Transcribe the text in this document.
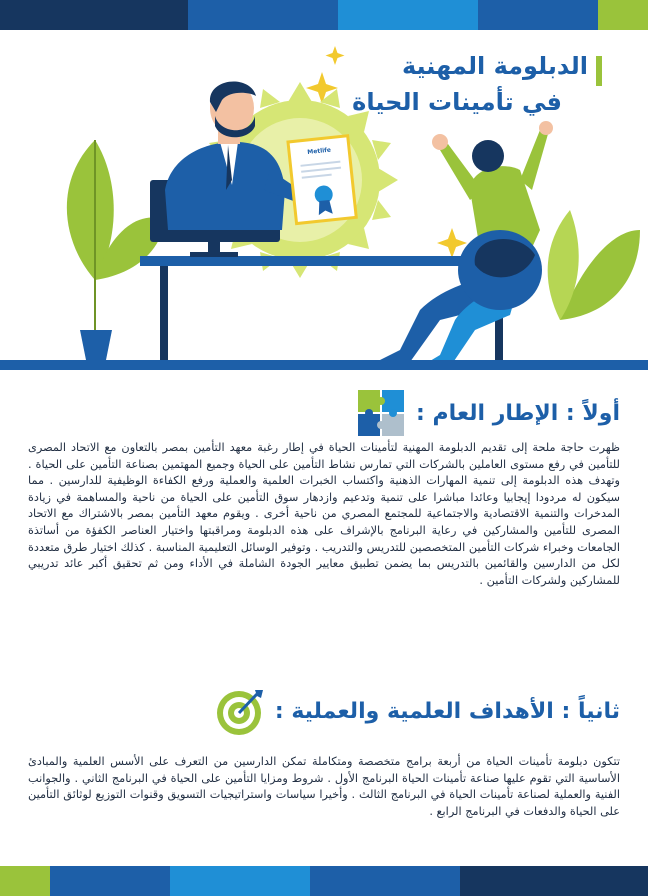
Metlife
الدبلومة المهنية
في تأمينات الحياة
أولاً : الإطار العام :

ظهرت حاجة ملحة إلى تقديم الدبلومة المهنية لتأمينات الحياة في إطار رغبة معهد التأمين بمصر بالتعاون مع الاتحاد المصرى للتأمين في رفع مستوى العاملين بالشركات التي تمارس نشاط التأمين على الحياة وجميع المهتمين بصناعة التأمين على الحياة . وتهدف هذه الدبلومة إلى تنمية المهارات الذهنية واكتساب الخبرات العلمية والعملية ورفع الكفاءة الوظيفية للدارسين . مما سيكون له مردودا إيجابيا وعائدا مباشرا على تنمية وتدعيم وازدهار سوق التأمين على الحياة من ناحية والمساهمة في زيادة المدخرات والتنمية الاقتصادية والاجتماعية للمجتمع المصري من ناحية أخرى . ويقوم معهد التأمين بمصر بالاشتراك مع الاتحاد المصرى للتأمين والمشاركين في رعاية البرنامج بالإشراف على هذه الدبلومة ومراقبتها واختيار العناصر الكفؤة من أساتذة الجامعات وخبراء شركات التأمين المتخصصين للتدريس والتدريب . وتوفير الوسائل التعليمية المناسبة . كذلك اختيار طرق متعددة لكل من الدارسين والقائمين بالتدريس بما يضمن تطبيق معايير الجودة الشاملة في الأداء ومن ثم تحقيق أكبر عائد تدريبي للمشاركين ولشركات التأمين .

ثانياً : الأهداف العلمية والعملية :

تتكون دبلومة تأمينات الحياة من أربعة برامج متخصصة ومتكاملة تمكن الدارسين من التعرف على الأسس العلمية والمبادئ الأساسية التي تقوم عليها صناعة تأمينات الحياة البرنامج الأول . شروط ومزايا التأمين على الحياة في البرنامج الثاني . والجوانب الفنية والعملية لصناعة تأمينات الحياة في البرنامج الثالث . وأخيرا سياسات واستراتيجيات التسويق وقنوات التوزيع لوثائق التأمين على الحياة والدفعات في البرنامج الرابع .
